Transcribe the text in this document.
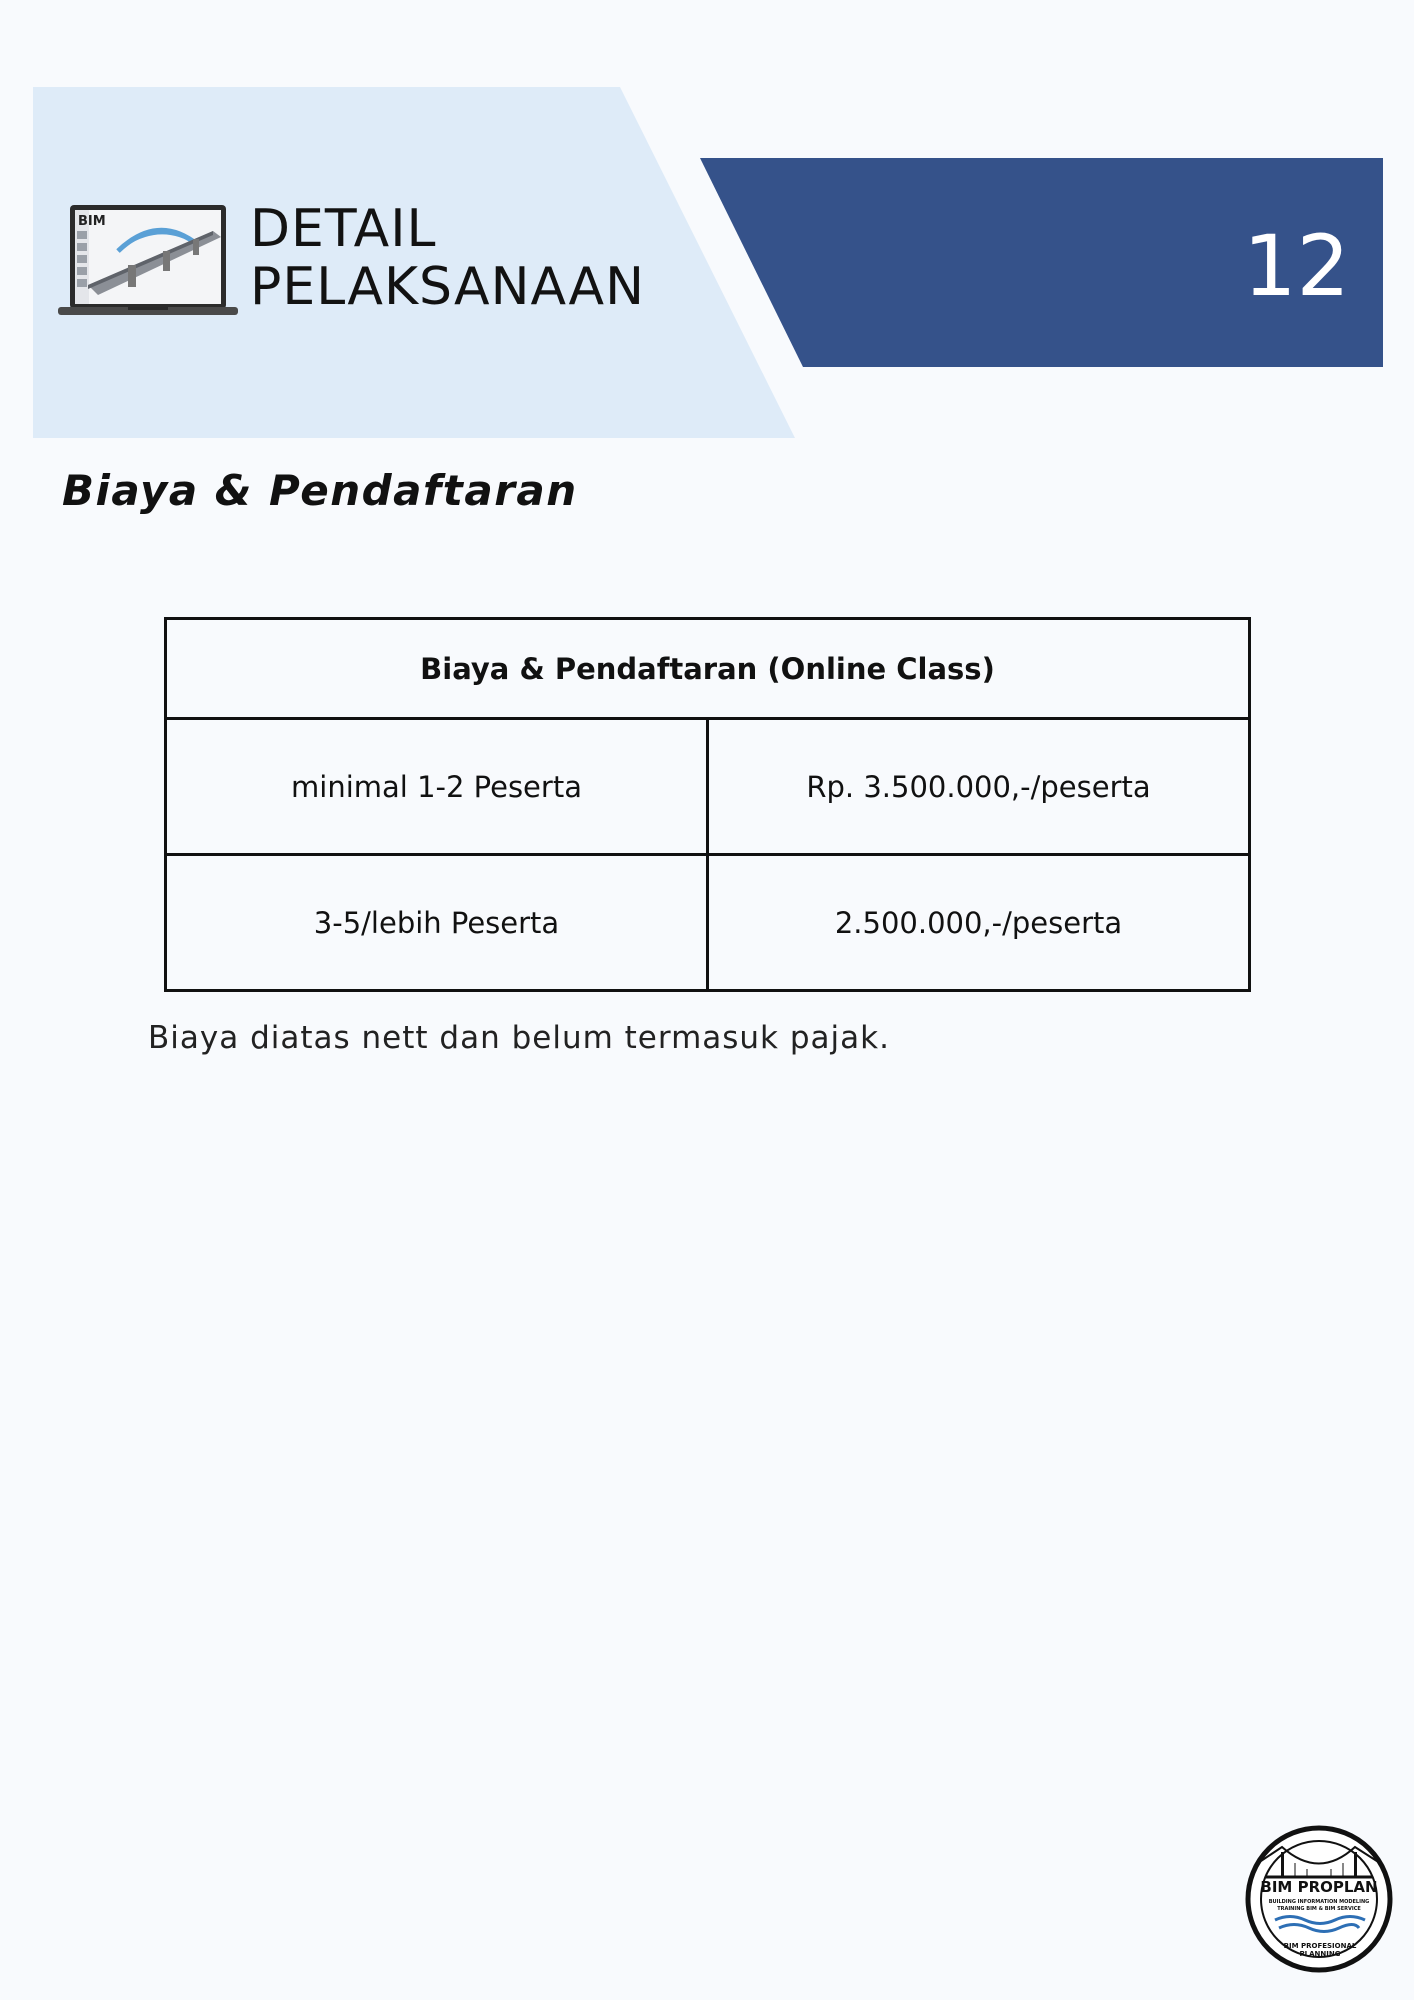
BIM	DETAIL
PELAKSANAAN	12
Biaya & Pendaftaran
Biaya & Pendaftaran (Online Class)	
minimal 1-2 Peserta	Rp. 3.500.000,-/peserta
3-5/lebih Peserta	2.500.000,-/peserta
Biaya diatas nett dan belum termasuk pajak.
BIM PROPLAN
BUILDING INFORMATION MODELING
TRAINING BIM & BIM SERVICE
BIM PROFESIONAL PLANNING
